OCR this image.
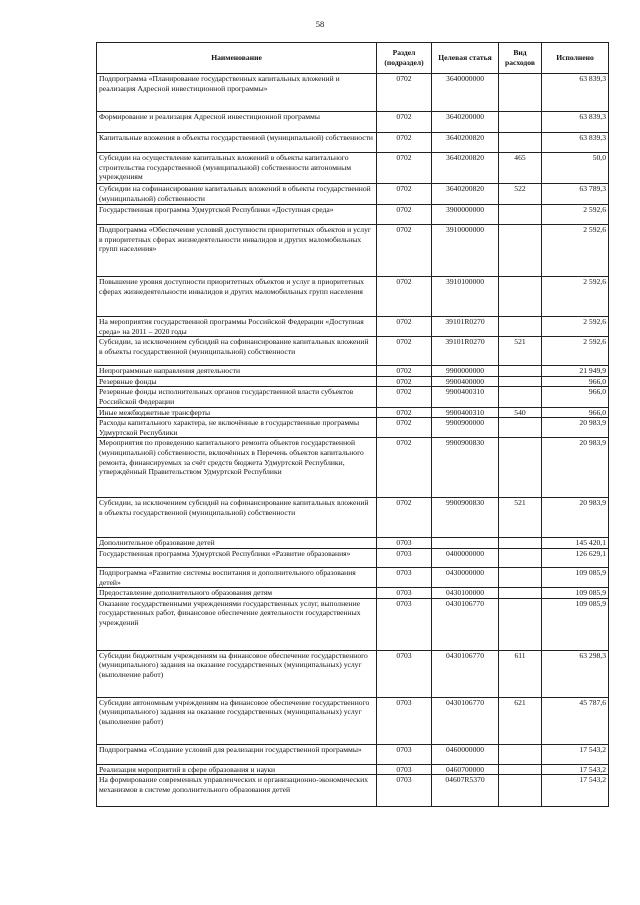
58
Наименование	Раздел (подраздел)	Целевая статья	Вид расходов	Исполнено
Подпрограмма «Планирование государственных капитальных вложений и реализация Адресной инвестиционной программы»	0702	3640000000		63 839,3
Формирование и реализация Адресной инвестиционной программы	0702	3640200000		63 839,3
Капитальные вложения в объекты государственной (муниципальной) собственности	0702	3640200820		63 839,3
Субсидии на осуществление капитальных вложений в объекты капитального строительства государственной (муниципальной) собственности автономным учреждениям	0702	3640200820	465	50,0
Субсидии на софинансирование капитальных вложений в объекты государственной (муниципальной) собственности	0702	3640200820	522	63 789,3
Государственная программа Удмуртской Республики «Доступная среда»	0702	3900000000		2 592,6
Подпрограмма «Обеспечение условий доступности приоритетных объектов и услуг в приоритетных сферах жизнедеятельности инвалидов и других маломобильных групп населения»	0702	3910000000		2 592,6
Повышение уровня доступности приоритетных объектов и услуг в приоритетных сферах жизнедеятельности инвалидов и других маломобильных групп населения	0702	3910100000		2 592,6
На мероприятия государственной программы Российской Федерации «Доступная среда» на 2011 – 2020 годы	0702	39101R0270		2 592,6
Субсидии, за исключением субсидий на софинансирование капитальных вложений в объекты государственной (муниципальной) собственности	0702	39101R0270	521	2 592,6
Непрограммные направления деятельности	0702	9900000000		21 949,9
Резервные фонды	0702	9900400000		966,0
Резервные фонды исполнительных органов государственной власти субъектов Российской Федерации	0702	9900400310		966,0
Иные межбюджетные трансферты	0702	9900400310	540	966,0
Расходы капитального характера, не включённые в государственные программы Удмуртской Республики	0702	9900900000		20 983,9
Мероприятия по проведению капитального ремонта объектов государственной (муниципальной) собственности, включённых в Перечень объектов капитального ремонта, финансируемых за счёт средств бюджета Удмуртской Республики, утверждённый Правительством Удмуртской Республики	0702	9900900830		20 983,9
Субсидии, за исключением субсидий на софинансирование капитальных вложений в объекты государственной (муниципальной) собственности	0702	9900900830	521	20 983,9
Дополнительное образование детей	0703			145 420,1
Государственная программа Удмуртской Республики «Развитие образования»	0703	0400000000		126 629,1
Подпрограмма «Развитие системы воспитания и дополнительного образования детей»	0703	0430000000		109 085,9
Предоставление дополнительного образования детям	0703	0430100000		109 085,9
Оказание государственными учреждениями государственных услуг, выполнение государственных работ, финансовое обеспечение деятельности государственных учреждений	0703	0430106770		109 085,9
Субсидии бюджетным учреждениям на финансовое обеспечение государственного (муниципального) задания на оказание государственных (муниципальных) услуг (выполнение работ)	0703	0430106770	611	63 298,3
Субсидии автономным учреждениям на финансовое обеспечение государственного (муниципального) задания на оказание государственных (муниципальных) услуг (выполнение работ)	0703	0430106770	621	45 787,6
Подпрограмма «Создание условий для реализации государственной программы»	0703	0460000000		17 543,2
Реализация мероприятий в сфере образования и науки	0703	0460700000		17 543,2
На формирование современных управленческих и организационно-экономических механизмов в системе дополнительного образования детей	0703	04607R5370		17 543,2
